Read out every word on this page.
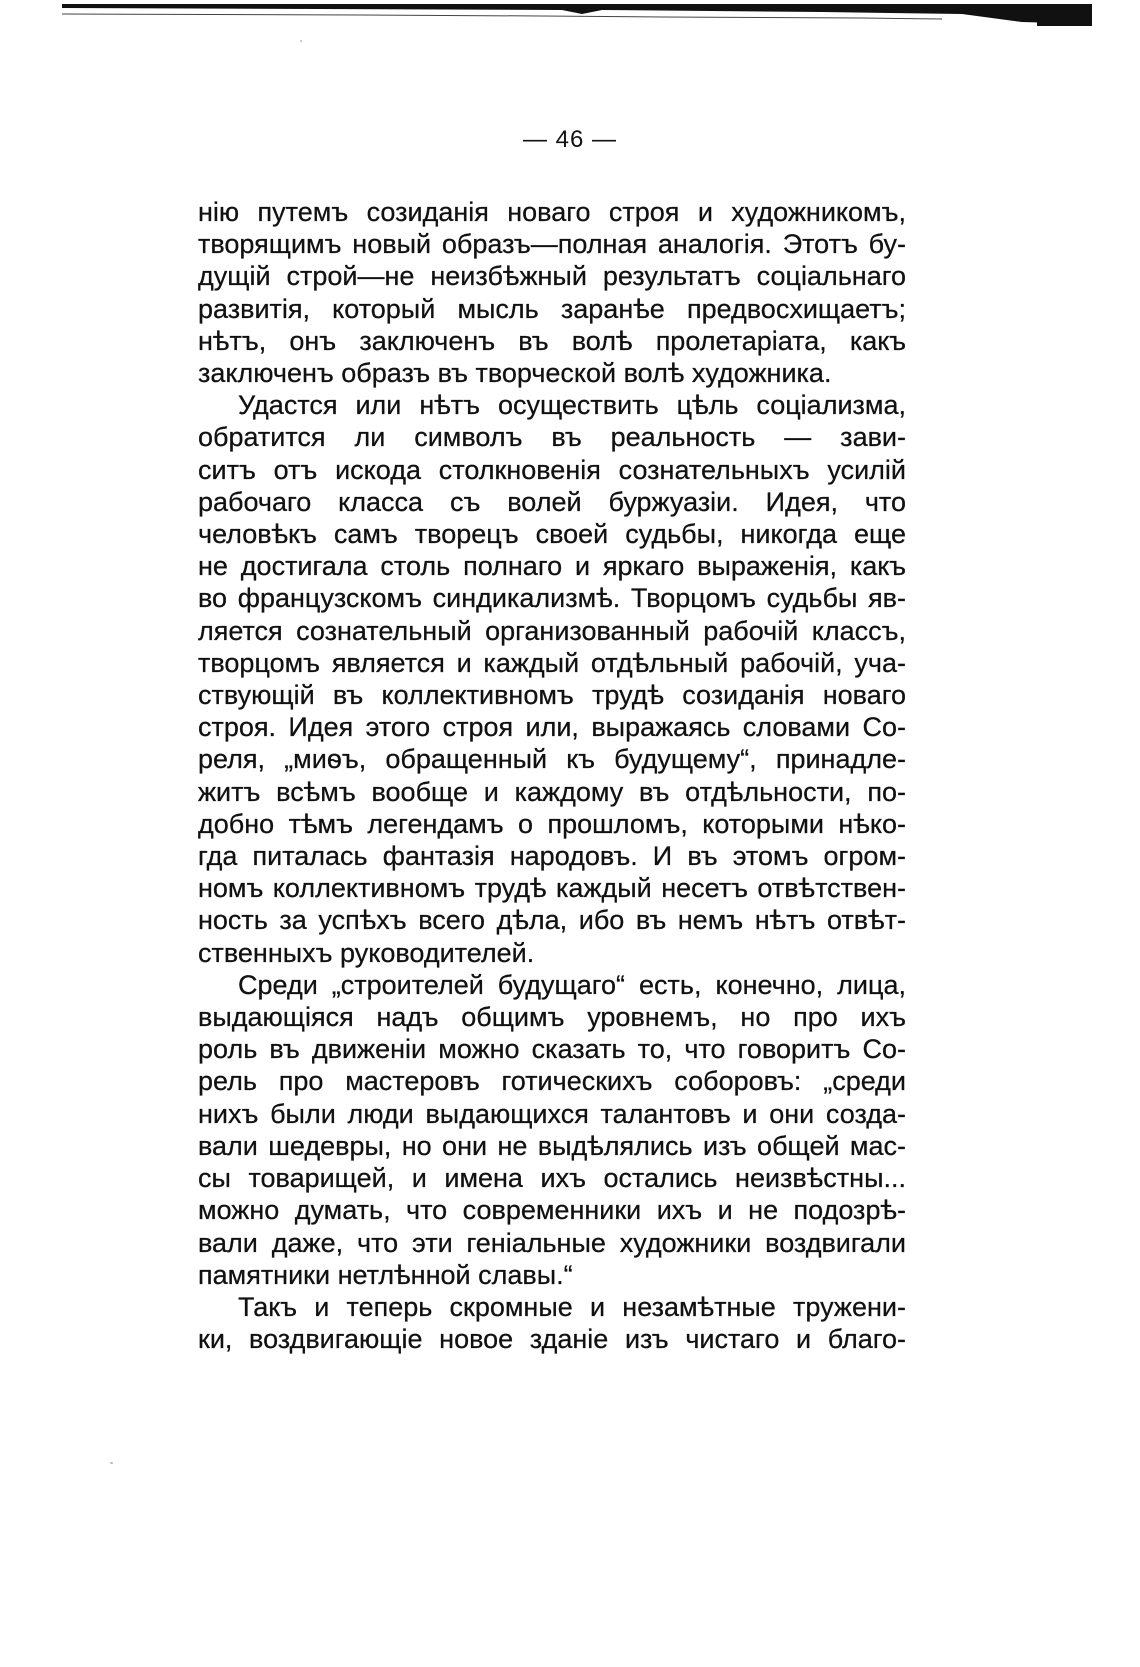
— 46 —

нію путемъ созиданія новаго строя и художникомъ,
творящимъ новый образъ—полная аналогія. Этотъ бу-
дущій строй—не неизбѣжный результатъ соціальнаго
развитія, который мысль заранѣе предвосхищаетъ;
нѣтъ, онъ заключенъ въ волѣ пролетаріата, какъ
заключенъ образъ въ творческой волѣ художника.

Удастся или нѣтъ осуществить цѣль соціализма,
обратится ли символъ въ реальность — зави-
ситъ отъ искода столкновенія сознательныхъ усилій
рабочаго класса съ волей буржуазіи. Идея, что
человѣкъ самъ творецъ своей судьбы, никогда еще
не достигала столь полнаго и яркаго выраженія, какъ
во французскомъ синдикализмѣ. Творцомъ судьбы яв-
ляется сознательный организованный рабочій классъ,
творцомъ является и каждый отдѣльный рабочій, уча-
ствующій въ коллективномъ трудѣ созиданія новаго
строя. Идея этого строя или, выражаясь словами Со-
реля, „миѳъ, обращенный къ будущему“, принадле-
житъ всѣмъ вообще и каждому въ отдѣльности, по-
добно тѣмъ легендамъ о прошломъ, которыми нѣко-
гда питалась фантазія народовъ. И въ этомъ огром-
номъ коллективномъ трудѣ каждый несетъ отвѣтствен-
ность за успѣхъ всего дѣла, ибо въ немъ нѣтъ отвѣт-
ственныхъ руководителей.

Среди „строителей будущаго“ есть, конечно, лица,
выдающіяся надъ общимъ уровнемъ, но про ихъ
роль въ движеніи можно сказать то, что говоритъ Со-
рель про мастеровъ готическихъ соборовъ: „среди
нихъ были люди выдающихся талантовъ и они созда-
вали шедевры, но они не выдѣлялись изъ общей мас-
сы товарищей, и имена ихъ остались неизвѣстны...
можно думать, что современники ихъ и не подозрѣ-
вали даже, что эти геніальные художники воздвигали
памятники нетлѣнной славы.“

Такъ и теперь скромные и незамѣтные тружени-
ки, воздвигающіе новое зданіе изъ чистаго и благо-
